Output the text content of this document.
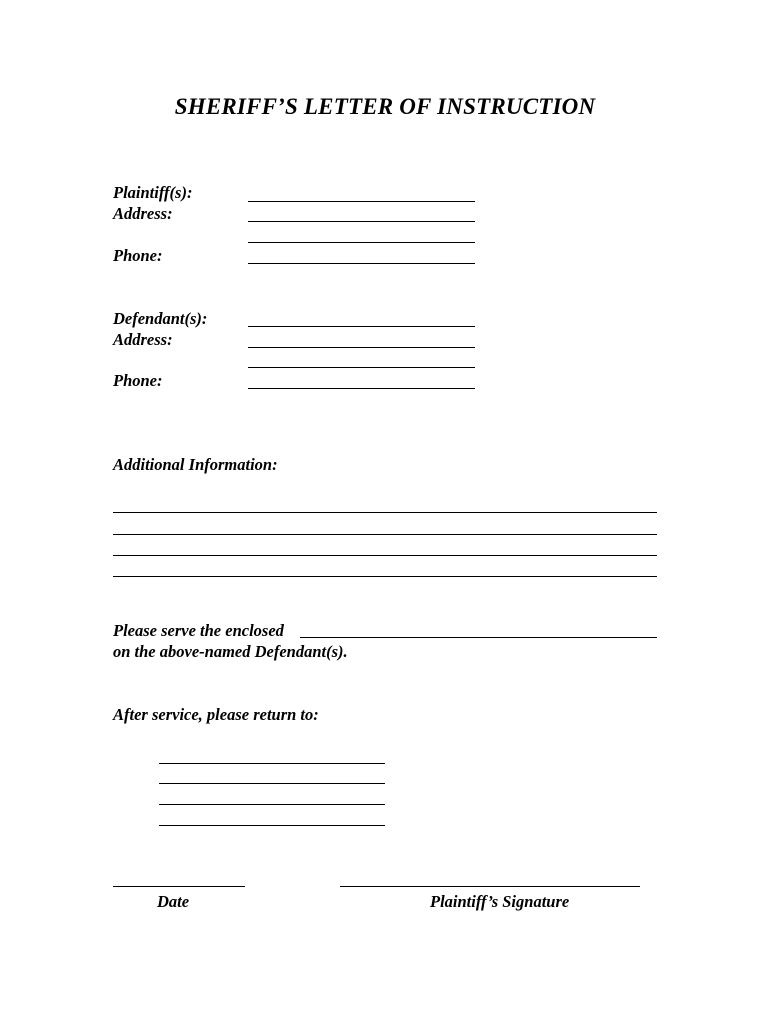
SHERIFF’S LETTER OF INSTRUCTION
Plaintiff(s):
Address:
Phone:
Defendant(s):
Address:
Phone:
Additional Information:
Please serve the enclosed
on the above-named Defendant(s).
After service, please return to:
Date	Plaintiff’s Signature
